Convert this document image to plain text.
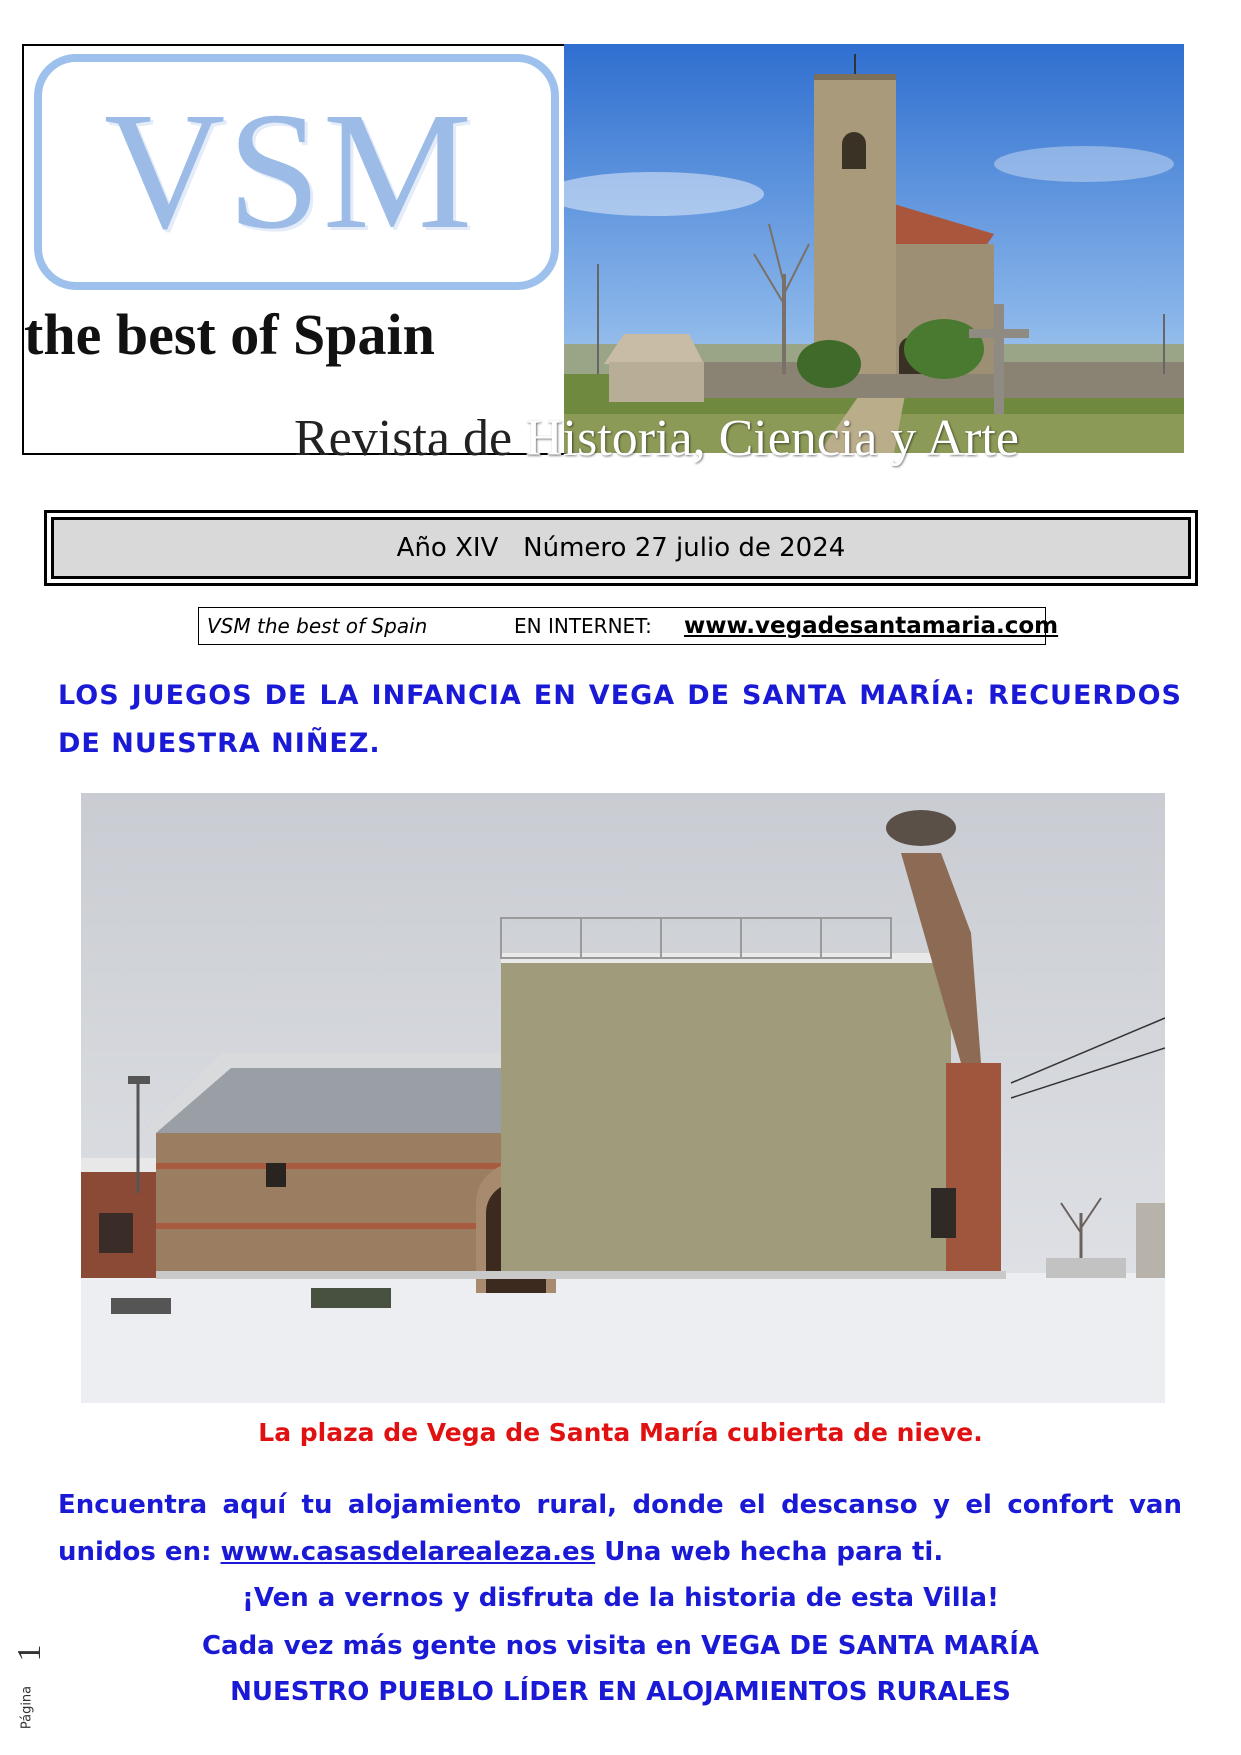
VSM
the best of Spain
Revista de Historia, Ciencia y Arte
Año XIV   Número 27 julio de 2024
VSM the best of Spain	EN INTERNET: www.vegadesantamaria.com
LOS JUEGOS DE LA INFANCIA EN VEGA DE SANTA MARÍA: RECUERDOS DE NUESTRA NIÑEZ.
La plaza de Vega de Santa María cubierta de nieve.
Encuentra aquí tu alojamiento rural, donde el descanso y el confort van unidos en: www.casasdelarealeza.es Una web hecha para ti.
¡Ven a vernos y disfruta de la historia de esta Villa!
Cada vez más gente nos visita en VEGA DE SANTA MARÍA
NUESTRO PUEBLO LÍDER EN ALOJAMIENTOS RURALES
1
Página
